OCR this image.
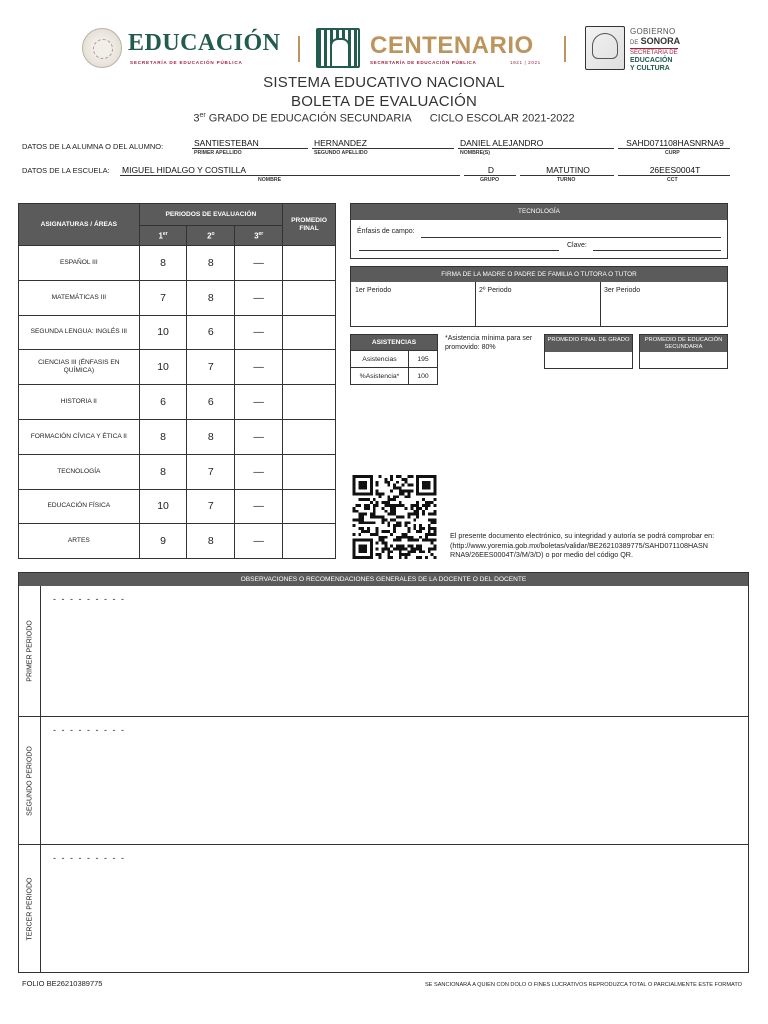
EDUCACIÓN
SECRETARÍA DE EDUCACIÓN PÚBLICA
CENTENARIO
SECRETARÍA DE EDUCACIÓN PÚBLICA	1921 | 2021
GOBIERNO
DE SONORA
SECRETARÍA DE
EDUCACIÓN
Y CULTURA
SISTEMA EDUCATIVO NACIONAL
BOLETA DE EVALUACIÓN
3er GRADO DE EDUCACIÓN SECUNDARIA CICLO ESCOLAR 2021-2022
DATOS DE LA ALUMNA O DEL ALUMNO:	SANTIESTEBAN
PRIMER APELLIDO
HERNANDEZ
SEGUNDO APELLIDO
DANIEL ALEJANDRO
NOMBRE(S)
SAHD071108HASNRNA9
CURP
DATOS DE LA ESCUELA: MIGUEL HIDALGO Y COSTILLA
NOMBRE
D
GRUPO
MATUTINO
TURNO
26EES0004T
CCT
ASIGNATURAS / ÁREAS	PERIODOS DE EVALUACIÓN			PROMEDIO FINAL
	1er	2$^o$	3er
ESPAÑOL III	8	8	—	
MATEMÁTICAS III	7	8	—	
SEGUNDA LENGUA: INGLÉS III	10	6	—	
CIENCIAS III (ÉNFASIS EN QUÍMICA)	10	7	—	
HISTORIA II	6	6	—	
FORMACIÓN CÍVICA Y ÉTICA II	8	8	—	
TECNOLOGÍA	8	7	—	
EDUCACIÓN FÍSICA	10	7	—	
ARTES	9	8	—	
TECNOLOGÍA
Énfasis de campo:
Clave:
FIRMA DE LA MADRE O PADRE DE FAMILIA O TUTORA O TUTOR
1er Periodo	2º Periodo	3er Periodo
ASISTENCIAS	
Asistencias	195
%Asistencia*	100
*Asistencia mínima para ser promovido: 80%
PROMEDIO FINAL DE GRADO	PROMEDIO DE EDUCACIÓN SECUNDARIA
El presente documento electrónico, su integridad y autoría se podrá comprobar en: (http://www.yoremia.gob.mx/boletas/validar/BE26210389775/SAHD071108HASN RNA9/26EES0004T/3/M/3/D) o por medio del código QR.
OBSERVACIONES O RECOMENDACIONES GENERALES DE LA DOCENTE O DEL DOCENTE
PRIMER PERIODO
- - - - - - - - -
SEGUNDO PERIODO
- - - - - - - - -
TERCER PERIODO
- - - - - - - - -
FOLIO BE26210389775	SE SANCIONARÁ A QUIEN CON DOLO O FINES LUCRATIVOS REPRODUZCA TOTAL O PARCIALMENTE ESTE FORMATO
